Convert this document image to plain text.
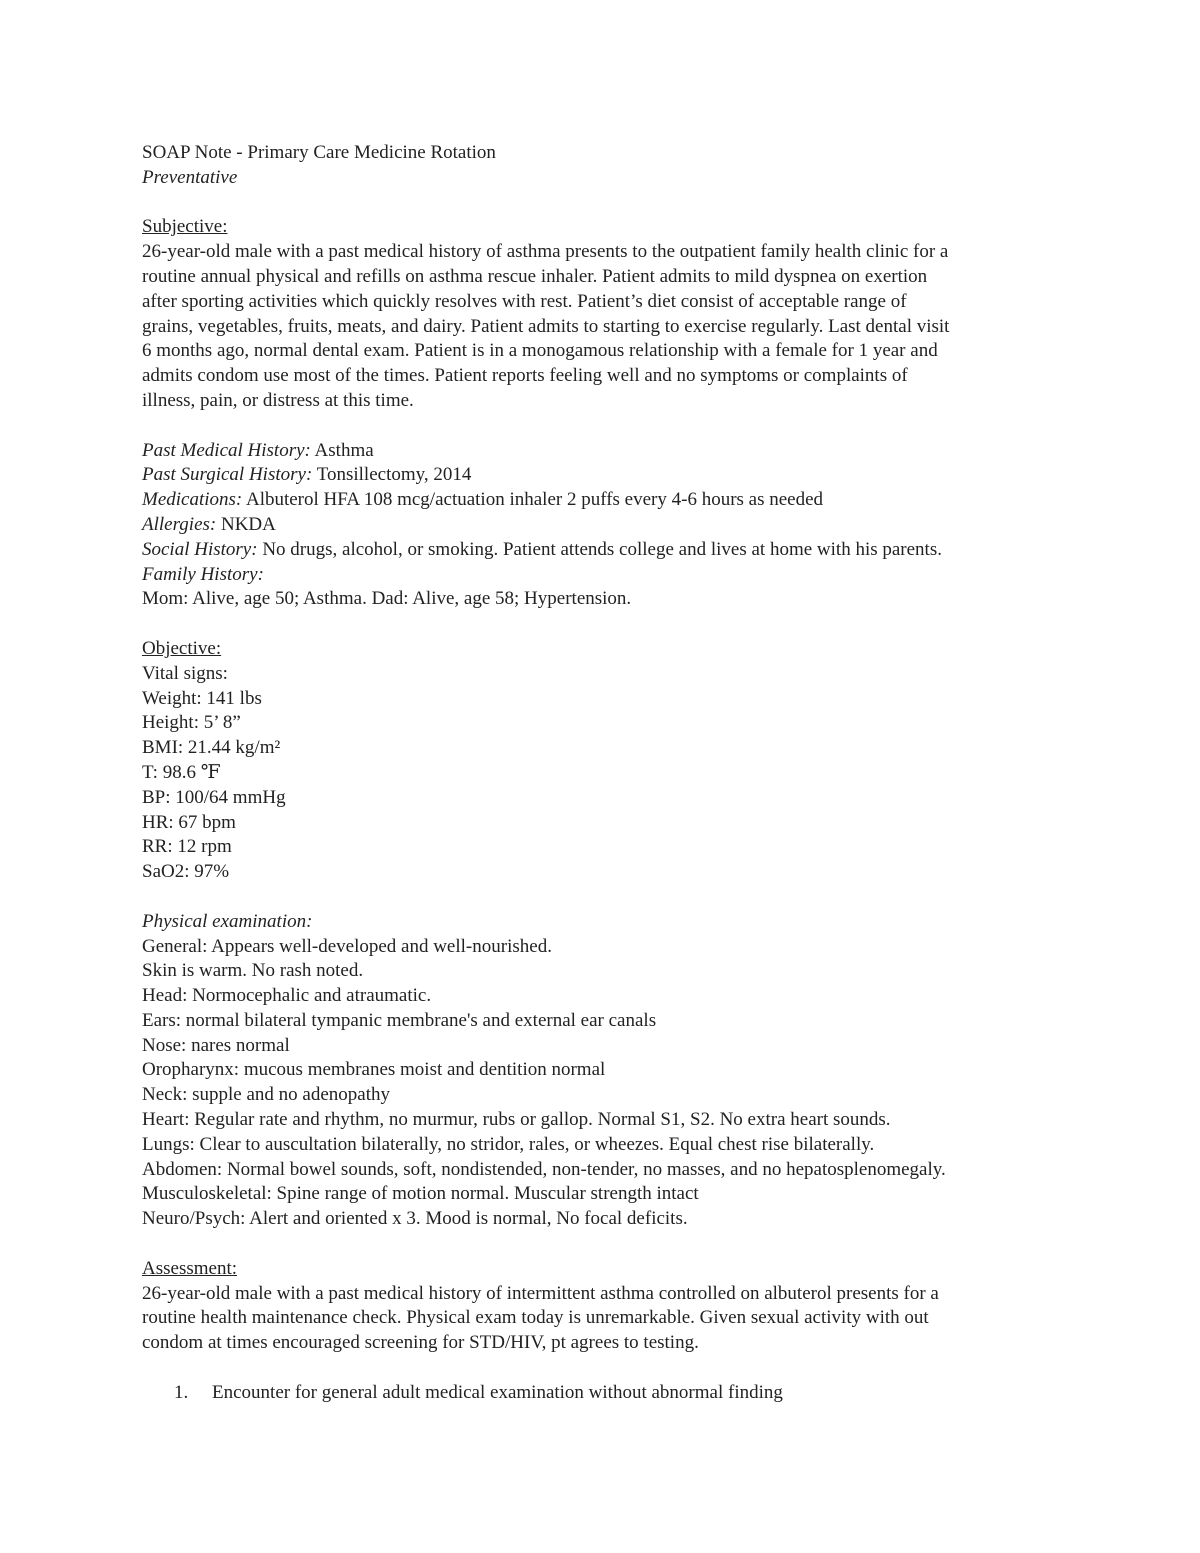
SOAP Note - Primary Care Medicine Rotation
Preventative
Subjective:
26-year-old male with a past medical history of asthma presents to the outpatient family health clinic for a
routine annual physical and refills on asthma rescue inhaler. Patient admits to mild dyspnea on exertion
after sporting activities which quickly resolves with rest. Patient’s diet consist of acceptable range of
grains, vegetables, fruits, meats, and dairy. Patient admits to starting to exercise regularly. Last dental visit
6 months ago, normal dental exam. Patient is in a monogamous relationship with a female for 1 year and
admits condom use most of the times. Patient reports feeling well and no symptoms or complaints of
illness, pain, or distress at this time.
Past Medical History: Asthma
Past Surgical History: Tonsillectomy, 2014
Medications: Albuterol HFA 108 mcg/actuation inhaler 2 puffs every 4-6 hours as needed
Allergies: NKDA
Social History: No drugs, alcohol, or smoking. Patient attends college and lives at home with his parents.
Family History:
Mom: Alive, age 50; Asthma. Dad: Alive, age 58; Hypertension.
Objective:
Vital signs:
Weight: 141 lbs
Height: 5’ 8”
BMI: 21.44 kg/m²
T: 98.6 ℉
BP: 100/64 mmHg
HR: 67 bpm
RR: 12 rpm
SaO2: 97%
Physical examination:
General: Appears well-developed and well-nourished.
Skin is warm. No rash noted.
Head: Normocephalic and atraumatic.
Ears: normal bilateral tympanic membrane's and external ear canals
Nose: nares normal
Oropharynx: mucous membranes moist and dentition normal
Neck: supple and no adenopathy
Heart: Regular rate and rhythm, no murmur, rubs or gallop. Normal S1, S2. No extra heart sounds.
Lungs: Clear to auscultation bilaterally, no stridor, rales, or wheezes. Equal chest rise bilaterally.
Abdomen: Normal bowel sounds, soft, nondistended, non-tender, no masses, and no hepatosplenomegaly.
Musculoskeletal: Spine range of motion normal. Muscular strength intact
Neuro/Psych: Alert and oriented x 3. Mood is normal, No focal deficits.
Assessment:
26-year-old male with a past medical history of intermittent asthma controlled on albuterol presents for a
routine health maintenance check. Physical exam today is unremarkable. Given sexual activity with out
condom at times encouraged screening for STD/HIV, pt agrees to testing.
1. Encounter for general adult medical examination without abnormal finding
